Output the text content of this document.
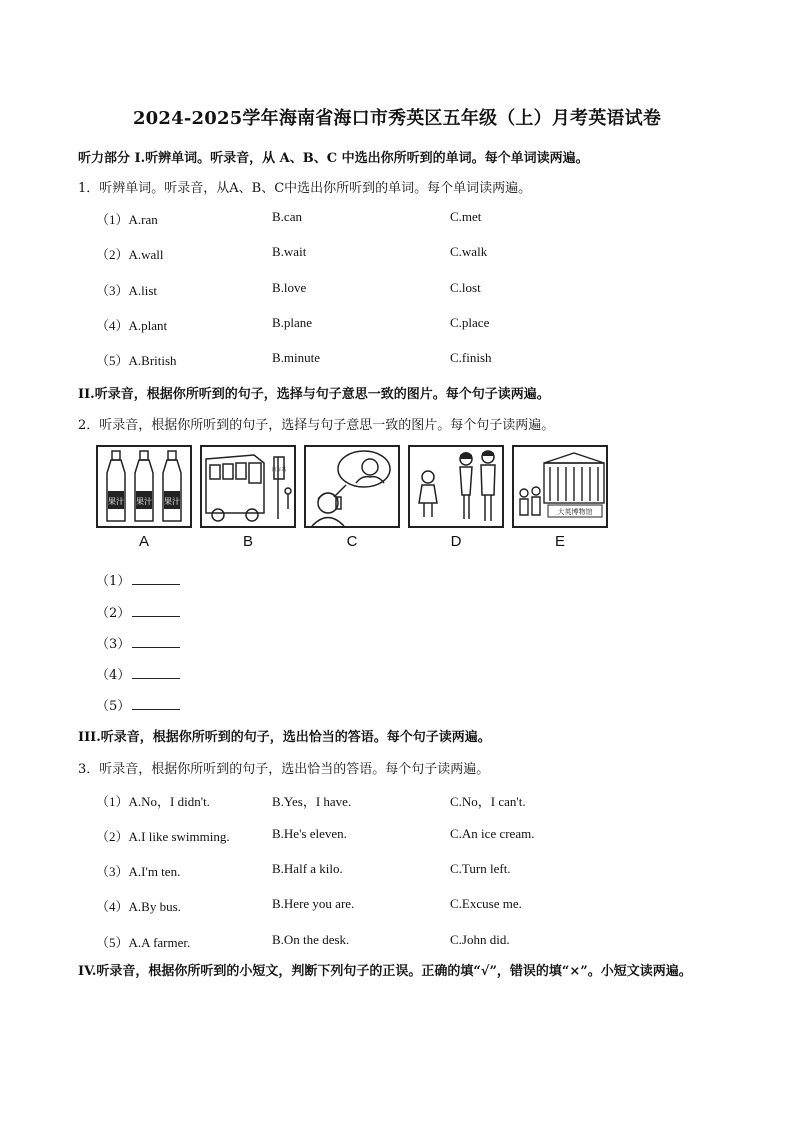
2024-2025学年海南省海口市秀英区五年级（上）月考英语试卷
听力部分 I.听辨单词。听录音，从 A、B、C 中选出你所听到的单词。每个单词读两遍。
1．听辨单词。听录音，从A、B、C中选出你所听到的单词。每个单词读两遍。
（1）A.ran	B.can	C.met
（2）A.wall	B.wait	C.walk
（3）A.list	B.love	C.lost
（4）A.plant	B.plane	C.place
（5）A.British	B.minute	C.finish
II.听录音，根据你所听到的句子，选择与句子意思一致的图片。每个句子读两遍。
2．听录音，根据你所听到的句子，选择与句子意思一致的图片。每个句子读两遍。
果汁 果汁 果汁
A
汽车站
B	C	D
大英博物馆
E
（1）
（2）
（3）
（4）
（5）
III.听录音，根据你所听到的句子，选出恰当的答语。每个句子读两遍。
3．听录音，根据你所听到的句子，选出恰当的答语。每个句子读两遍。
（1）A.No，I didn't.	B.Yes，I have.	C.No，I can't.
（2）A.I like swimming.	B.He's eleven.	C.An ice cream.
（3）A.I'm ten.	B.Half a kilo.	C.Turn left.
（4）A.By bus.	B.Here you are.	C.Excuse me.
（5）A.A farmer.	B.On the desk.	C.John did.
IV.听录音，根据你所听到的小短文，判断下列句子的正误。正确的填“√”，错误的填“×”。小短文读两遍。
